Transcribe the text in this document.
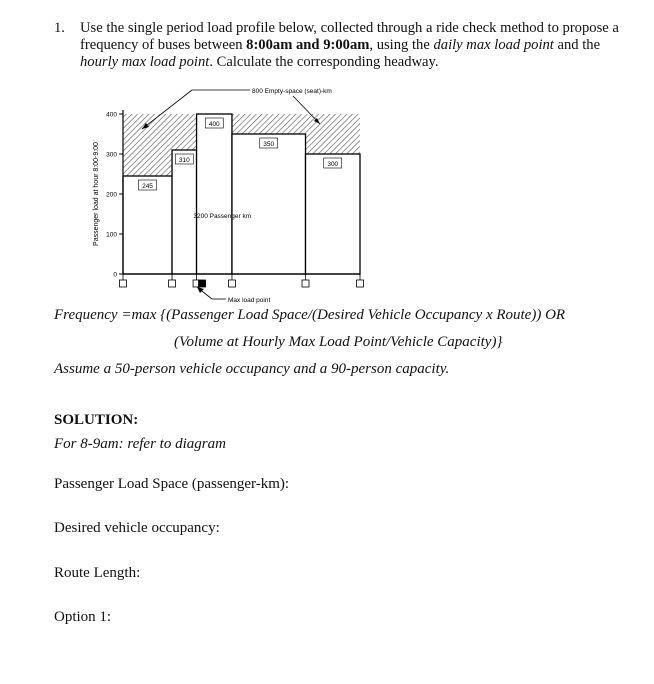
1. Use the single period load profile below, collected through a ride check method to propose a frequency of buses between 8:00am and 9:00am, using the daily max load point and the hourly max load point. Calculate the corresponding headway.
245
310
400
350
300
0
100
200
300
400
Passenger load at hour 8:00-9:00
800 Empty-space (seat)-km
3200 Passenger km
Max load point
Frequency =max {(Passenger Load Space/(Desired Vehicle Occupancy x Route)) OR
(Volume at Hourly Max Load Point/Vehicle Capacity)}
Assume a 50-person vehicle occupancy and a 90-person capacity.
SOLUTION:
For 8-9am: refer to diagram
Passenger Load Space (passenger-km):
Desired vehicle occupancy:
Route Length:
Option 1:
